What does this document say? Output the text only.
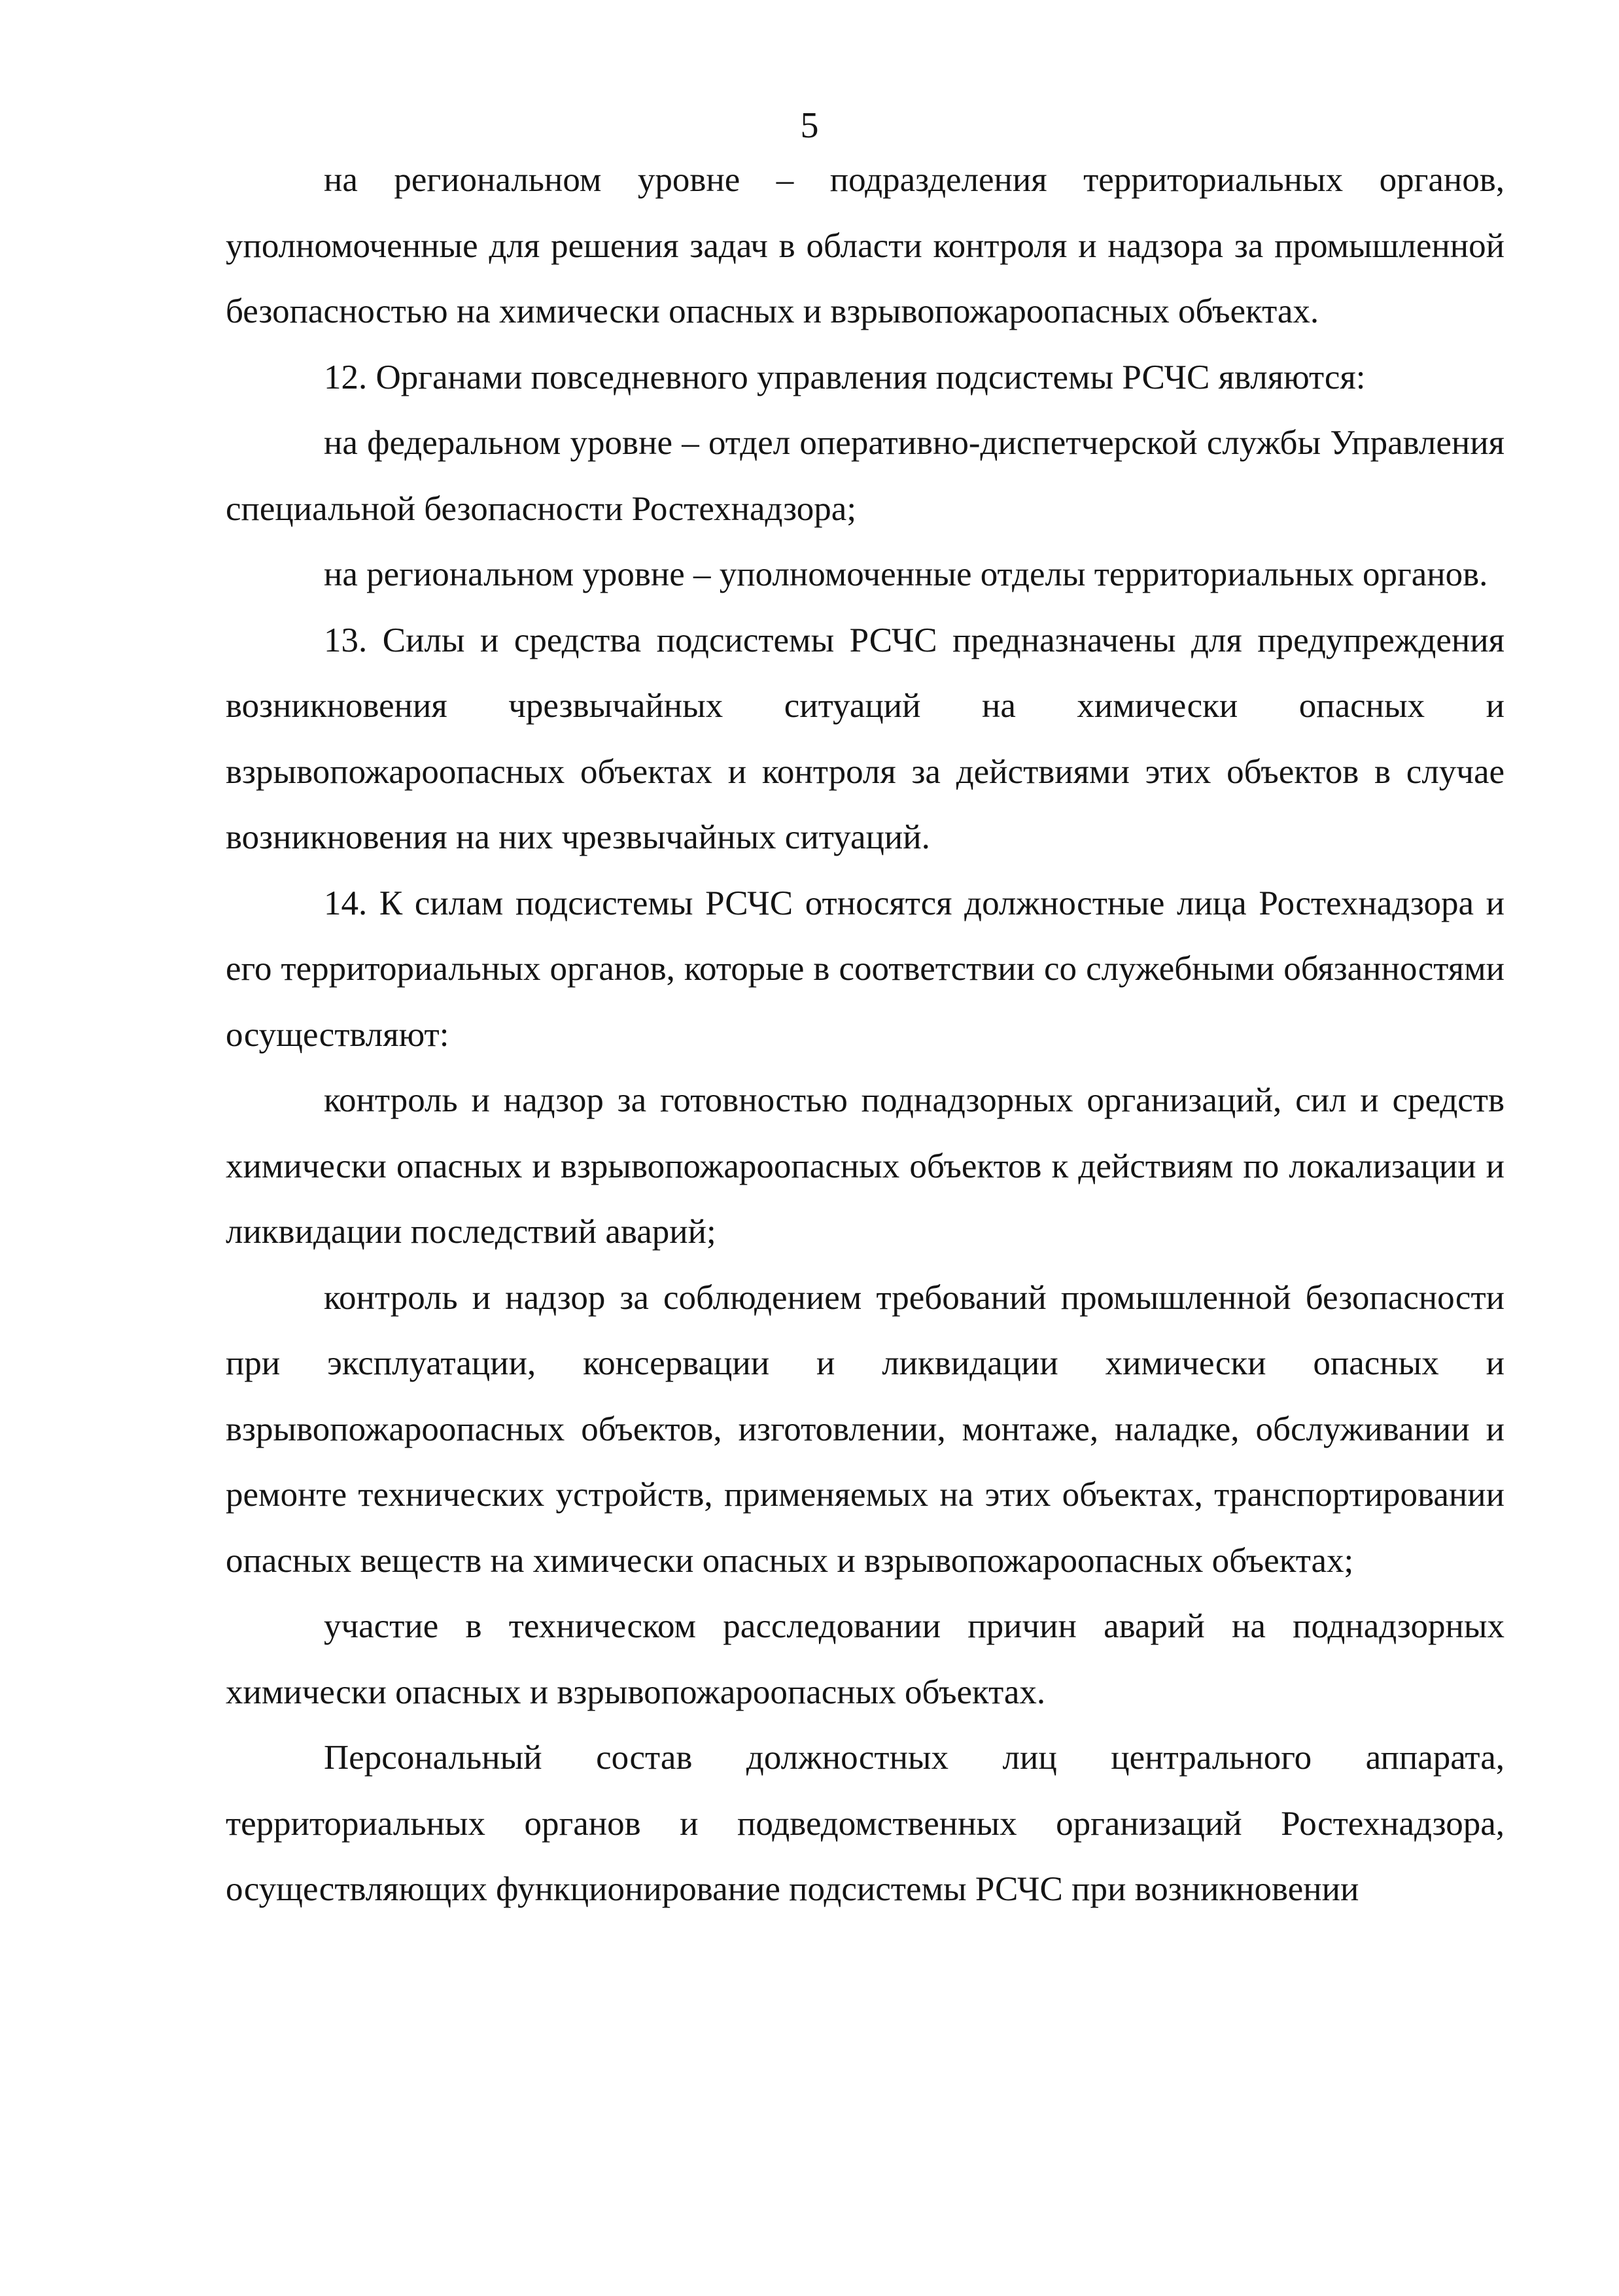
5

на региональном уровне – подразделения территориальных органов, уполномоченные для решения задач в области контроля и надзора за промышленной безопасностью на химически опасных и взрывопожароопасных объектах.

12. Органами повседневного управления подсистемы РСЧС являются:

на федеральном уровне – отдел оперативно-диспетчерской службы Управления специальной безопасности Ростехнадзора;

на региональном уровне – уполномоченные отделы территориальных органов.

13. Силы и средства подсистемы РСЧС предназначены для предупреждения возникновения чрезвычайных ситуаций на химически опасных и взрывопожароопасных объектах и контроля за действиями этих объектов в случае возникновения на них чрезвычайных ситуаций.

14. К силам подсистемы РСЧС относятся должностные лица Ростехнадзора и его территориальных органов, которые в соответствии со служебными обязанностями осуществляют:

контроль и надзор за готовностью поднадзорных организаций, сил и средств химически опасных и взрывопожароопасных объектов к действиям по локализации и ликвидации последствий аварий;

контроль и надзор за соблюдением требований промышленной безопасности при эксплуатации, консервации и ликвидации химически опасных и взрывопожароопасных объектов, изготовлении, монтаже, наладке, обслуживании и ремонте технических устройств, применяемых на этих объектах, транспортировании опасных веществ на химически опасных и взрывопожароопасных объектах;

участие в техническом расследовании причин аварий на поднадзорных химически опасных и взрывопожароопасных объектах.

Персональный состав должностных лиц центрального аппарата, территориальных органов и подведомственных организаций Ростехнадзора, осуществляющих функционирование подсистемы РСЧС при возникновении
